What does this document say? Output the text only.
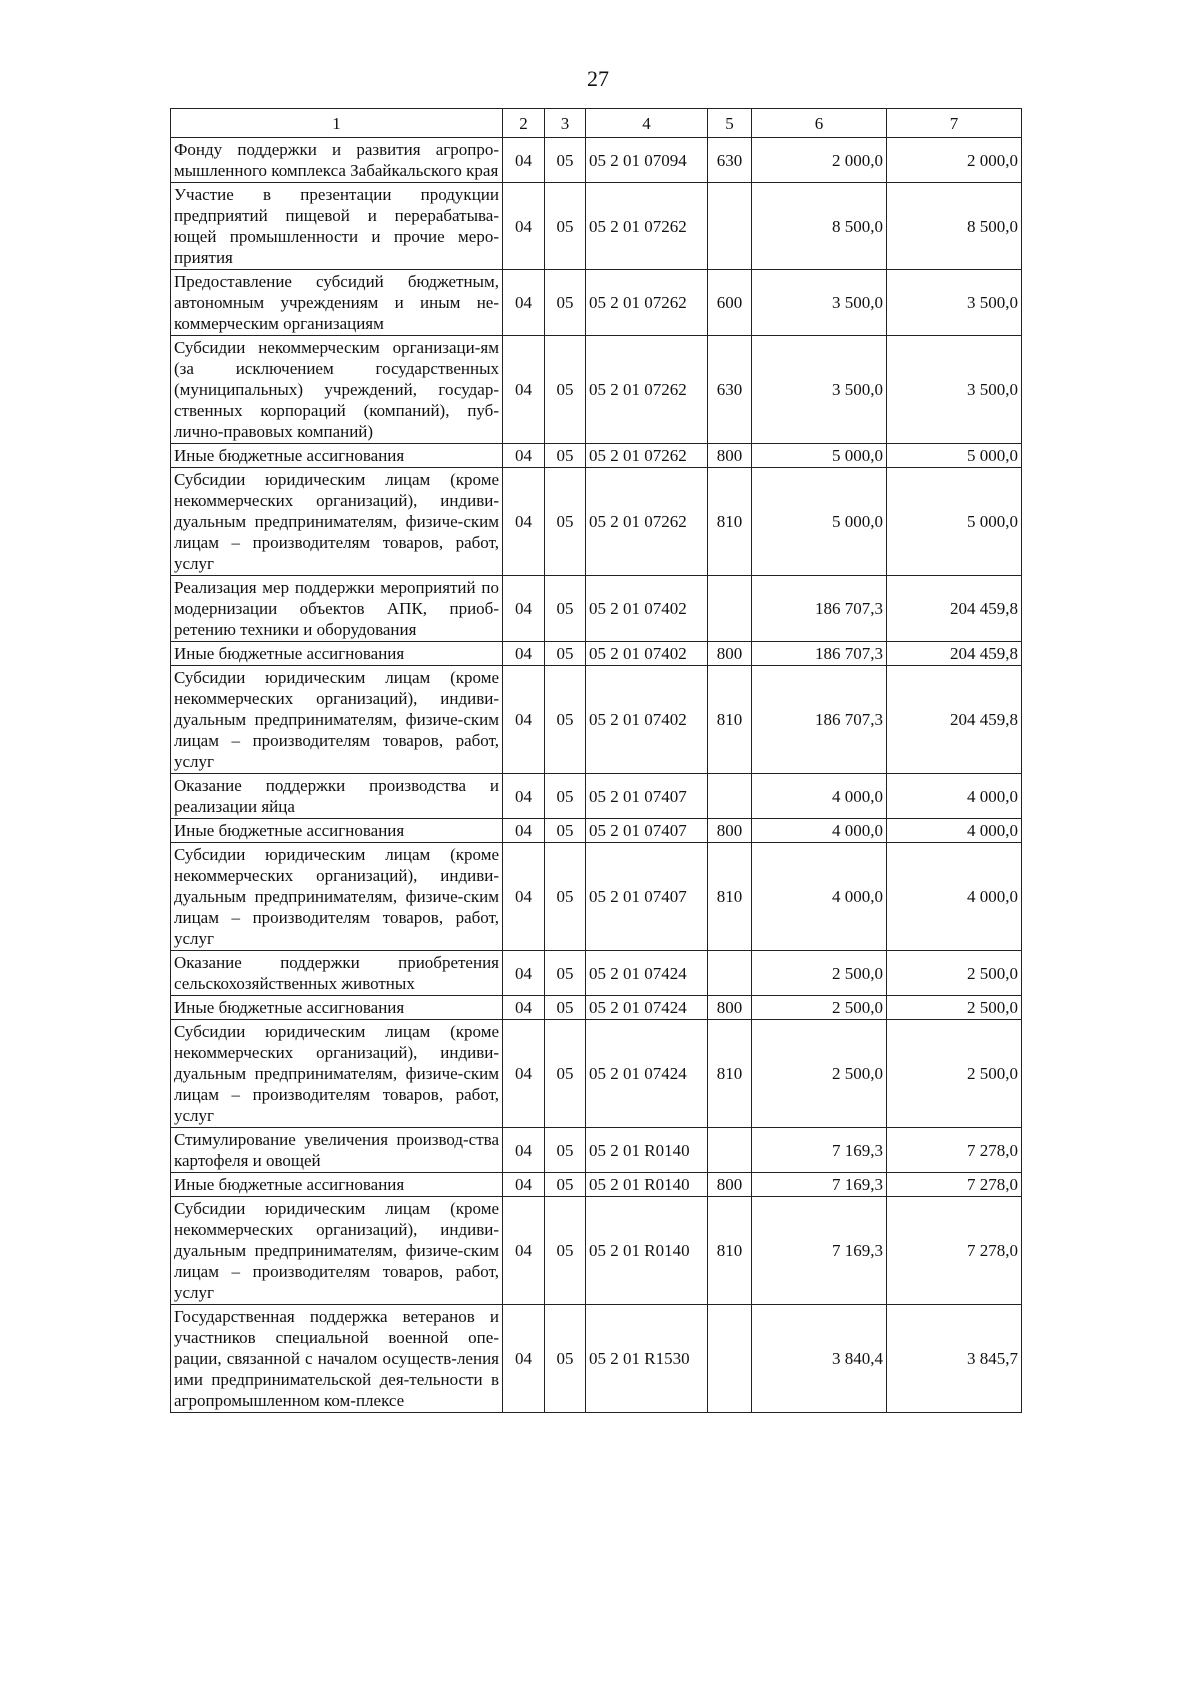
27
1	2	3	4	5	6	7
Фонду поддержки и развития агропро-мышленного комплекса Забайкальского края	04	05	05 2 01 07094	630	2 000,0	2 000,0
Участие в презентации продукции предприятий пищевой и перерабатыва-ющей промышленности и прочие меро-приятия	04	05	05 2 01 07262		8 500,0	8 500,0
Предоставление субсидий бюджетным, автономным учреждениям и иным не-коммерческим организациям	04	05	05 2 01 07262	600	3 500,0	3 500,0
Субсидии некоммерческим организаци-ям (за исключением государственных (муниципальных) учреждений, государ-ственных корпораций (компаний), пуб-лично-правовых компаний)	04	05	05 2 01 07262	630	3 500,0	3 500,0
Иные бюджетные ассигнования	04	05	05 2 01 07262	800	5 000,0	5 000,0
Субсидии юридическим лицам (кроме некоммерческих организаций), индиви-дуальным предпринимателям, физиче-ским лицам – производителям товаров, работ, услуг	04	05	05 2 01 07262	810	5 000,0	5 000,0
Реализация мер поддержки мероприятий по модернизации объектов АПК, приоб-ретению техники и оборудования	04	05	05 2 01 07402		186 707,3	204 459,8
Иные бюджетные ассигнования	04	05	05 2 01 07402	800	186 707,3	204 459,8
Субсидии юридическим лицам (кроме некоммерческих организаций), индиви-дуальным предпринимателям, физиче-ским лицам – производителям товаров, работ, услуг	04	05	05 2 01 07402	810	186 707,3	204 459,8
Оказание поддержки производства и реализации яйца	04	05	05 2 01 07407		4 000,0	4 000,0
Иные бюджетные ассигнования	04	05	05 2 01 07407	800	4 000,0	4 000,0
Субсидии юридическим лицам (кроме некоммерческих организаций), индиви-дуальным предпринимателям, физиче-ским лицам – производителям товаров, работ, услуг	04	05	05 2 01 07407	810	4 000,0	4 000,0
Оказание поддержки приобретения сельскохозяйственных животных	04	05	05 2 01 07424		2 500,0	2 500,0
Иные бюджетные ассигнования	04	05	05 2 01 07424	800	2 500,0	2 500,0
Субсидии юридическим лицам (кроме некоммерческих организаций), индиви-дуальным предпринимателям, физиче-ским лицам – производителям товаров, работ, услуг	04	05	05 2 01 07424	810	2 500,0	2 500,0
Стимулирование увеличения производ-ства картофеля и овощей	04	05	05 2 01 R0140		7 169,3	7 278,0
Иные бюджетные ассигнования	04	05	05 2 01 R0140	800	7 169,3	7 278,0
Субсидии юридическим лицам (кроме некоммерческих организаций), индиви-дуальным предпринимателям, физиче-ским лицам – производителям товаров, работ, услуг	04	05	05 2 01 R0140	810	7 169,3	7 278,0
Государственная поддержка ветеранов и участников специальной военной опе-рации, связанной с началом осуществ-ления ими предпринимательской дея-тельности в агропромышленном ком-плексе	04	05	05 2 01 R1530		3 840,4	3 845,7
